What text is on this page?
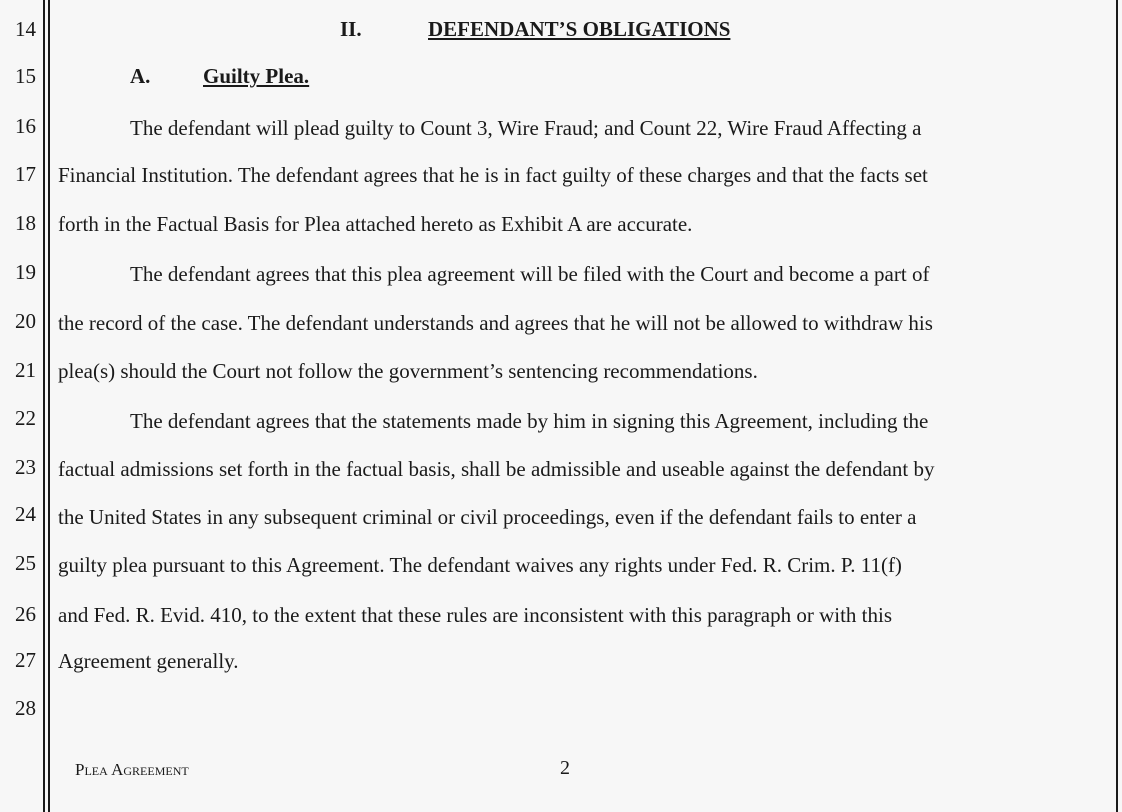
14
15
16
17
18
19
20
21
22
23
24
25
26
27
28
II.	DEFENDANT’S OBLIGATIONS
A.	Guilty Plea.
The defendant will plead guilty to Count 3, Wire Fraud; and Count 22, Wire Fraud Affecting a
Financial Institution. The defendant agrees that he is in fact guilty of these charges and that the facts set
forth in the Factual Basis for Plea attached hereto as Exhibit A are accurate.
The defendant agrees that this plea agreement will be filed with the Court and become a part of
the record of the case. The defendant understands and agrees that he will not be allowed to withdraw his
plea(s) should the Court not follow the government’s sentencing recommendations.
The defendant agrees that the statements made by him in signing this Agreement, including the
factual admissions set forth in the factual basis, shall be admissible and useable against the defendant by
the United States in any subsequent criminal or civil proceedings, even if the defendant fails to enter a
guilty plea pursuant to this Agreement. The defendant waives any rights under Fed. R. Crim. P. 11(f)
and Fed. R. Evid. 410, to the extent that these rules are inconsistent with this paragraph or with this
Agreement generally.
Plea Agreement	2
